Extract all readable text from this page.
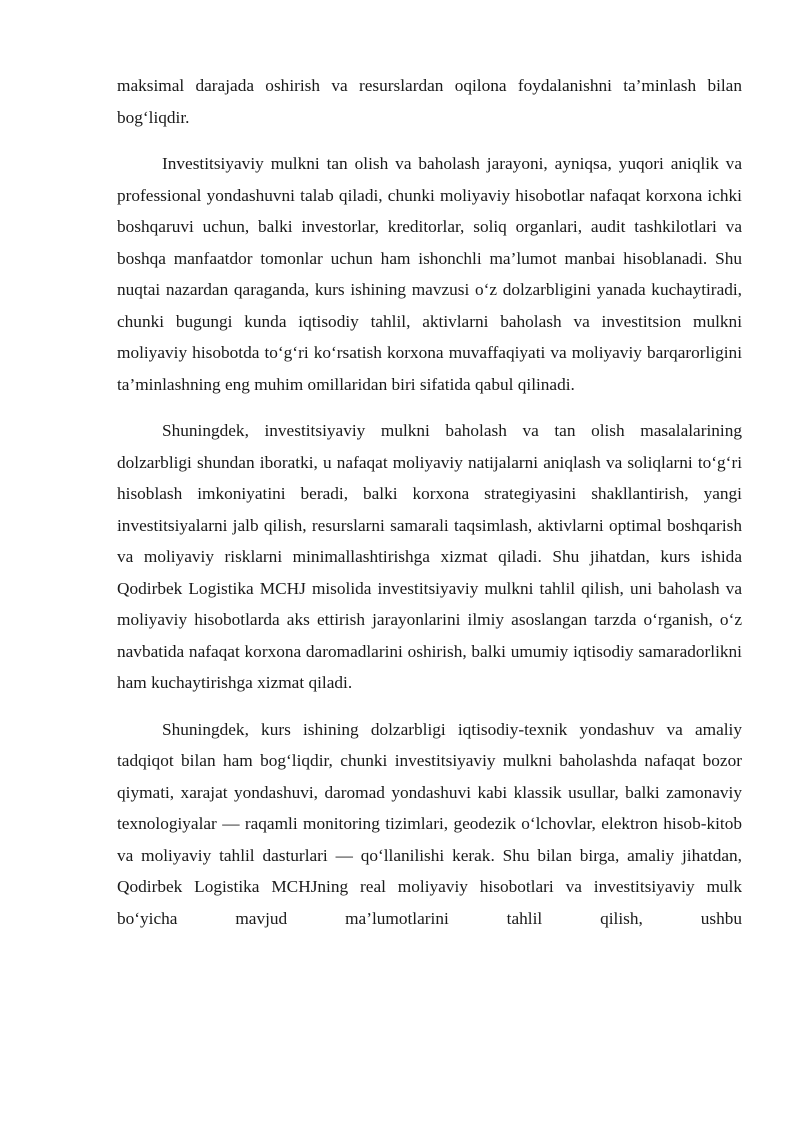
maksimal darajada oshirish va resurslardan oqilona foydalanishni ta’minlash bilan bog‘liqdir.

Investitsiyaviy mulkni tan olish va baholash jarayoni, ayniqsa, yuqori aniqlik va professional yondashuvni talab qiladi, chunki moliyaviy hisobotlar nafaqat korxona ichki boshqaruvi uchun, balki investorlar, kreditorlar, soliq organlari, audit tashkilotlari va boshqa manfaatdor tomonlar uchun ham ishonchli ma’lumot manbai hisoblanadi. Shu nuqtai nazardan qaraganda, kurs ishining mavzusi o‘z dolzarbligini yanada kuchaytiradi, chunki bugungi kunda iqtisodiy tahlil, aktivlarni baholash va investitsion mulkni moliyaviy hisobotda to‘g‘ri ko‘rsatish korxona muvaffaqiyati va moliyaviy barqarorligini ta’minlashning eng muhim omillaridan biri sifatida qabul qilinadi.

Shuningdek, investitsiyaviy mulkni baholash va tan olish masalalarining dolzarbligi shundan iboratki, u nafaqat moliyaviy natijalarni aniqlash va soliqlarni to‘g‘ri hisoblash imkoniyatini beradi, balki korxona strategiyasini shakllantirish, yangi investitsiyalarni jalb qilish, resurslarni samarali taqsimlash, aktivlarni optimal boshqarish va moliyaviy risklarni minimallashtirishga xizmat qiladi. Shu jihatdan, kurs ishida Qodirbek Logistika MCHJ misolida investitsiyaviy mulkni tahlil qilish, uni baholash va moliyaviy hisobotlarda aks ettirish jarayonlarini ilmiy asoslangan tarzda o‘rganish, o‘z navbatida nafaqat korxona daromadlarini oshirish, balki umumiy iqtisodiy samaradorlikni ham kuchaytirishga xizmat qiladi.

Shuningdek, kurs ishining dolzarbligi iqtisodiy-texnik yondashuv va amaliy tadqiqot bilan ham bog‘liqdir, chunki investitsiyaviy mulkni baholashda nafaqat bozor qiymati, xarajat yondashuvi, daromad yondashuvi kabi klassik usullar, balki zamonaviy texnologiyalar — raqamli monitoring tizimlari, geodezik o‘lchovlar, elektron hisob-kitob va moliyaviy tahlil dasturlari — qo‘llanilishi kerak. Shu bilan birga, amaliy jihatdan, Qodirbek Logistika MCHJning real moliyaviy hisobotlari va investitsiyaviy mulk bo‘yicha mavjud ma’lumotlarini tahlil qilish, ushbu
